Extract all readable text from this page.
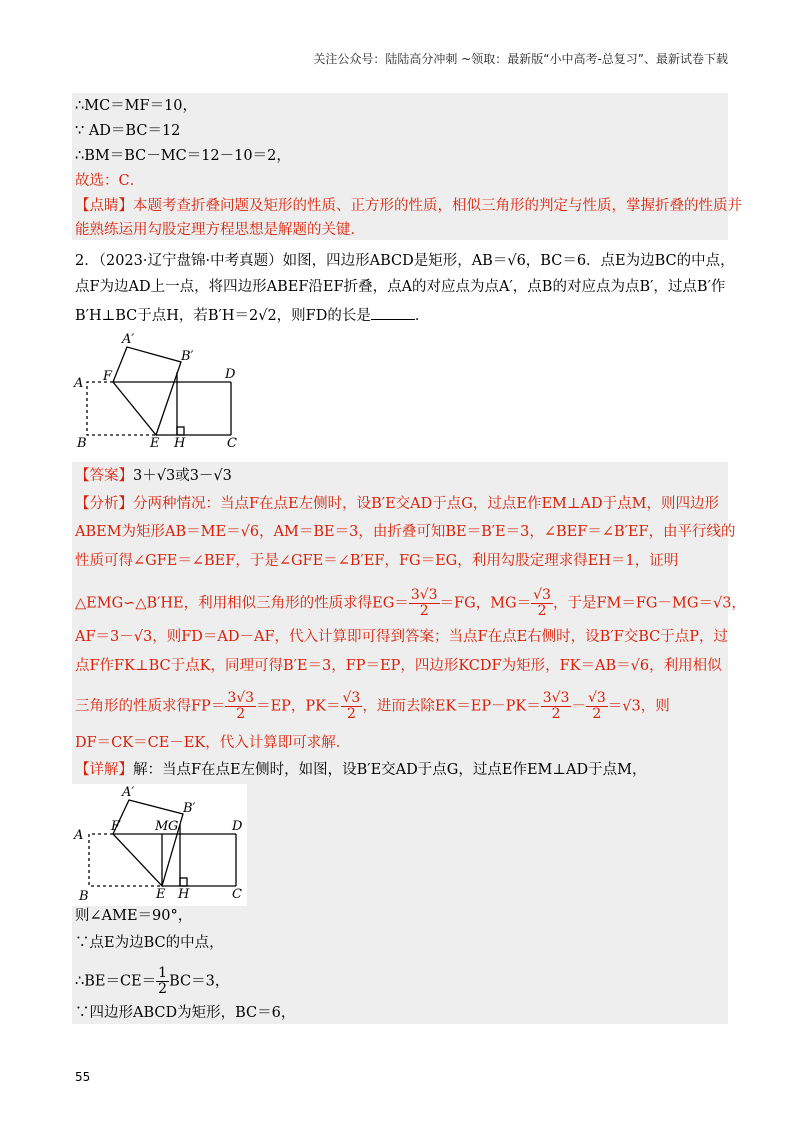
关注公众号：陆陆高分冲刺 ~领取：最新版“小中高考-总复习”、最新试卷下载
∴MC＝MF＝10，
∵ AD＝BC＝12
∴BM＝BC－MC＝12－10＝2，
故选：C．
【点睛】本题考查折叠问题及矩形的性质、正方形的性质，相似三角形的判定与性质，掌握折叠的性质并
能熟练运用勾股定理方程思想是解题的关键．
2．（2023·辽宁盘锦·中考真题）如图，四边形ABCD是矩形，AB＝√6，BC＝6．点E为边BC的中点，
点F为边AD上一点，将四边形ABEF沿EF折叠，点A的对应点为点A′，点B的对应点为点B′，过点B′作
B′H⊥BC于点H，若B′H＝2√2，则FD的长是	．
A′
B′
A F	D
B	E H	C
【答案】3＋√3或3－√3
【分析】分两种情况：当点F在点E左侧时，设B′E交AD于点G，过点E作EM⊥AD于点M，则四边形
ABEM为矩形AB＝ME＝√6，AM＝BE＝3，由折叠可知BE＝B′E＝3，∠BEF＝∠B′EF，由平行线的
性质可得∠GFE＝∠BEF，于是∠GFE＝∠B′EF，FG＝EG，利用勾股定理求得EH＝1，证明
△EMG∽△B′HE，利用相似三角形的性质求得$EG= \frac{3√3}{2} =FG$，$MG= \frac{√3}{2}$ ，于是FM＝FG－MG＝√3，
AF＝3－√3，则FD＝AD－AF，代入计算即可得到答案；当点F在点E右侧时，设B′F交BC于点P，过
点F作FK⊥BC于点K，同理可得B′E＝3，FP＝EP，四边形KCDF为矩形，FK＝AB＝√6，利用相似
三角形的性质求得$FP= \frac{3√3}{2} =EP$，$PK= \frac{√3}{2}$ ，进而去除$EK=EP-PK= \frac{3√3}{2} - \frac{√3}{2} =√3$，则
DF＝CK＝CE－EK，代入计算即可求解．
【详解】解：当点F在点E左侧时，如图，设B′E交AD于点G，过点E作EM⊥AD于点M，
A′
B′
A
F	M G	D
B	E H	C
则∠AME＝90°，
∵点E为边BC的中点，
∴BE＝CE＝ $\frac{1}{2} BC=3$，
∵四边形ABCD为矩形，BC＝6，
55
